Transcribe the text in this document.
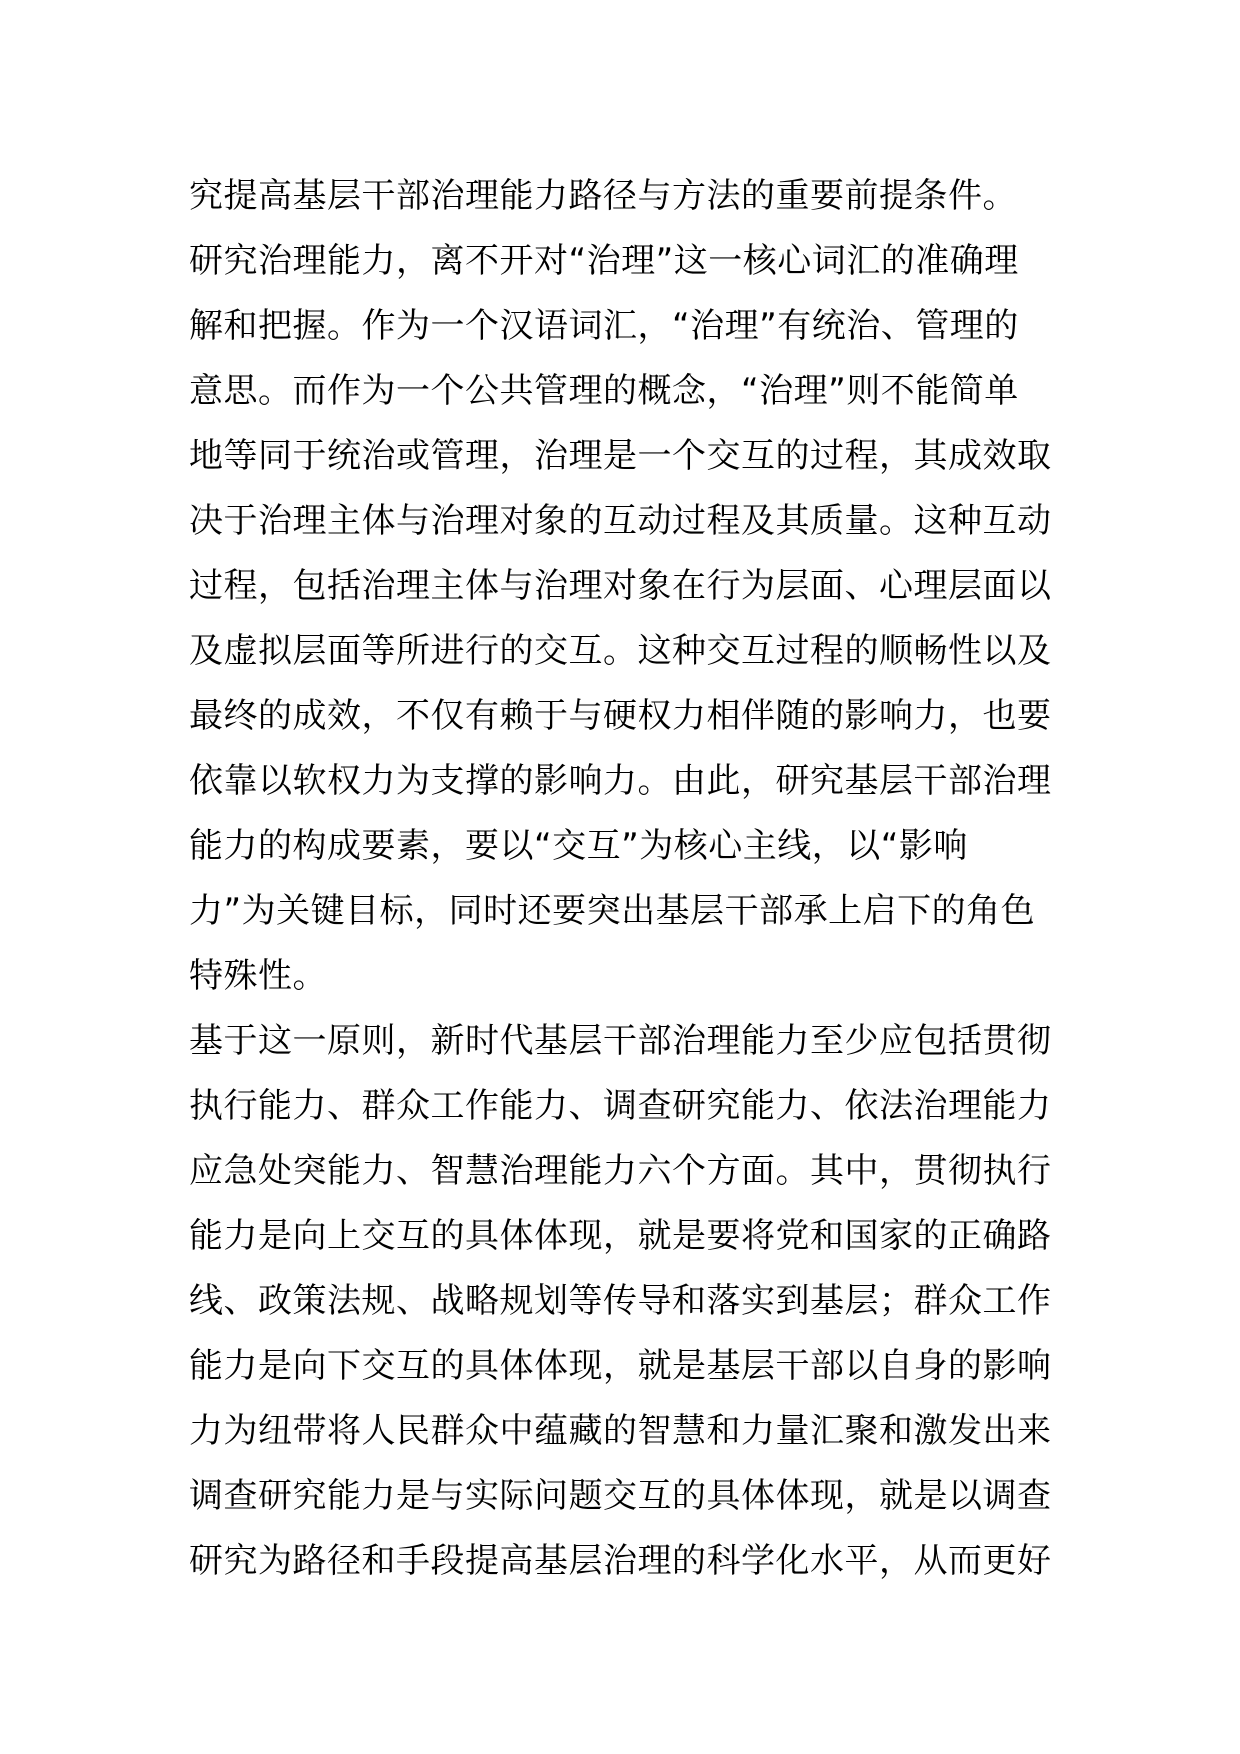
究提高基层干部治理能力路径与方法的重要前提条件。
研究治理能力，离不开对“治理”这一核心词汇的准确理
解和把握。作为一个汉语词汇，“治理”有统治、管理的
意思。而作为一个公共管理的概念，“治理”则不能简单
地等同于统治或管理，治理是一个交互的过程，其成效取
决于治理主体与治理对象的互动过程及其质量。这种互动
过程，包括治理主体与治理对象在行为层面、心理层面以
及虚拟层面等所进行的交互。这种交互过程的顺畅性以及
最终的成效，不仅有赖于与硬权力相伴随的影响力，也要
依靠以软权力为支撑的影响力。由此，研究基层干部治理
能力的构成要素，要以“交互”为核心主线，以“影响
力”为关键目标，同时还要突出基层干部承上启下的角色
特殊性。
基于这一原则，新时代基层干部治理能力至少应包括贯彻
执行能力、群众工作能力、调查研究能力、依法治理能力
应急处突能力、智慧治理能力六个方面。其中，贯彻执行
能力是向上交互的具体体现，就是要将党和国家的正确路
线、政策法规、战略规划等传导和落实到基层；群众工作
能力是向下交互的具体体现，就是基层干部以自身的影响
力为纽带将人民群众中蕴藏的智慧和力量汇聚和激发出来
调查研究能力是与实际问题交互的具体体现，就是以调查
研究为路径和手段提高基层治理的科学化水平，从而更好
